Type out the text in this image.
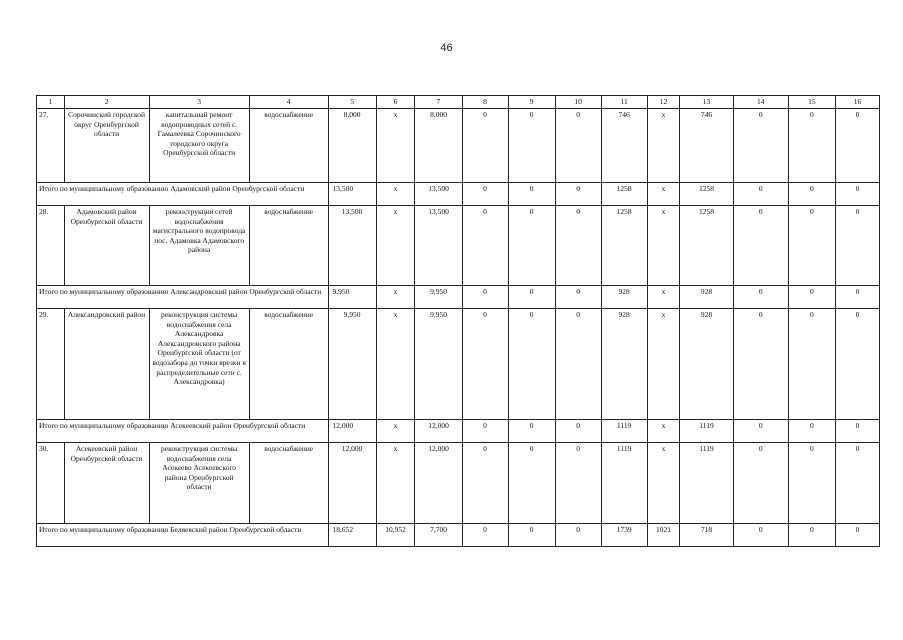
46
1	2	3	4	5	6	7	8	9	10	11	12	13	14	15	16
27.	Сорочинский городской округ Оренбургской области	капитальный ремонт водопроводных сетей с. Гамалеевка Сорочинского городского округа Оренбургской области	водоснабжение	8,000	x	8,000	0	0	0	746	x	746	0	0	0
Итого по муниципальному образованию Адамовский район Оренбургской области				13,500	x	13,500	0	0	0	1258	x	1258	0	0	0
28.	Адамовский район Оренбургской области	реконструкция сетей водоснабжения магистрального водопровода пос. Адамовка Адамовского района	водоснабжение	13,500	x	13,500	0	0	0	1258	x	1258	0	0	0
Итого по муниципальному образованию Александровский район Оренбургской области				9,950	x	9,950	0	0	0	928	x	928	0	0	0
29.	Александровский район	реконструкция системы водоснабжения села Александровка Александровского района Оренбургской области (от водозабора до точки врезки в распределительные сети с. Александровка)	водоснабжение	9,950	x	9,950	0	0	0	928	x	928	0	0	0
Итого по муниципальному образованию Асекеевский район Оренбургской области				12,000	x	12,000	0	0	0	1119	x	1119	0	0	0
30.	Асекеевский район Оренбургской области	реконструкция системы водоснабжения села Асекеево Асекеевского района Оренбургской области	водоснабжение	12,000	x	12,000	0	0	0	1119	x	1119	0	0	0
Итого по муниципальному образованию Беляевский район Оренбургской области				18,652	10,952	7,700	0	0	0	1739	1021	718	0	0	0
